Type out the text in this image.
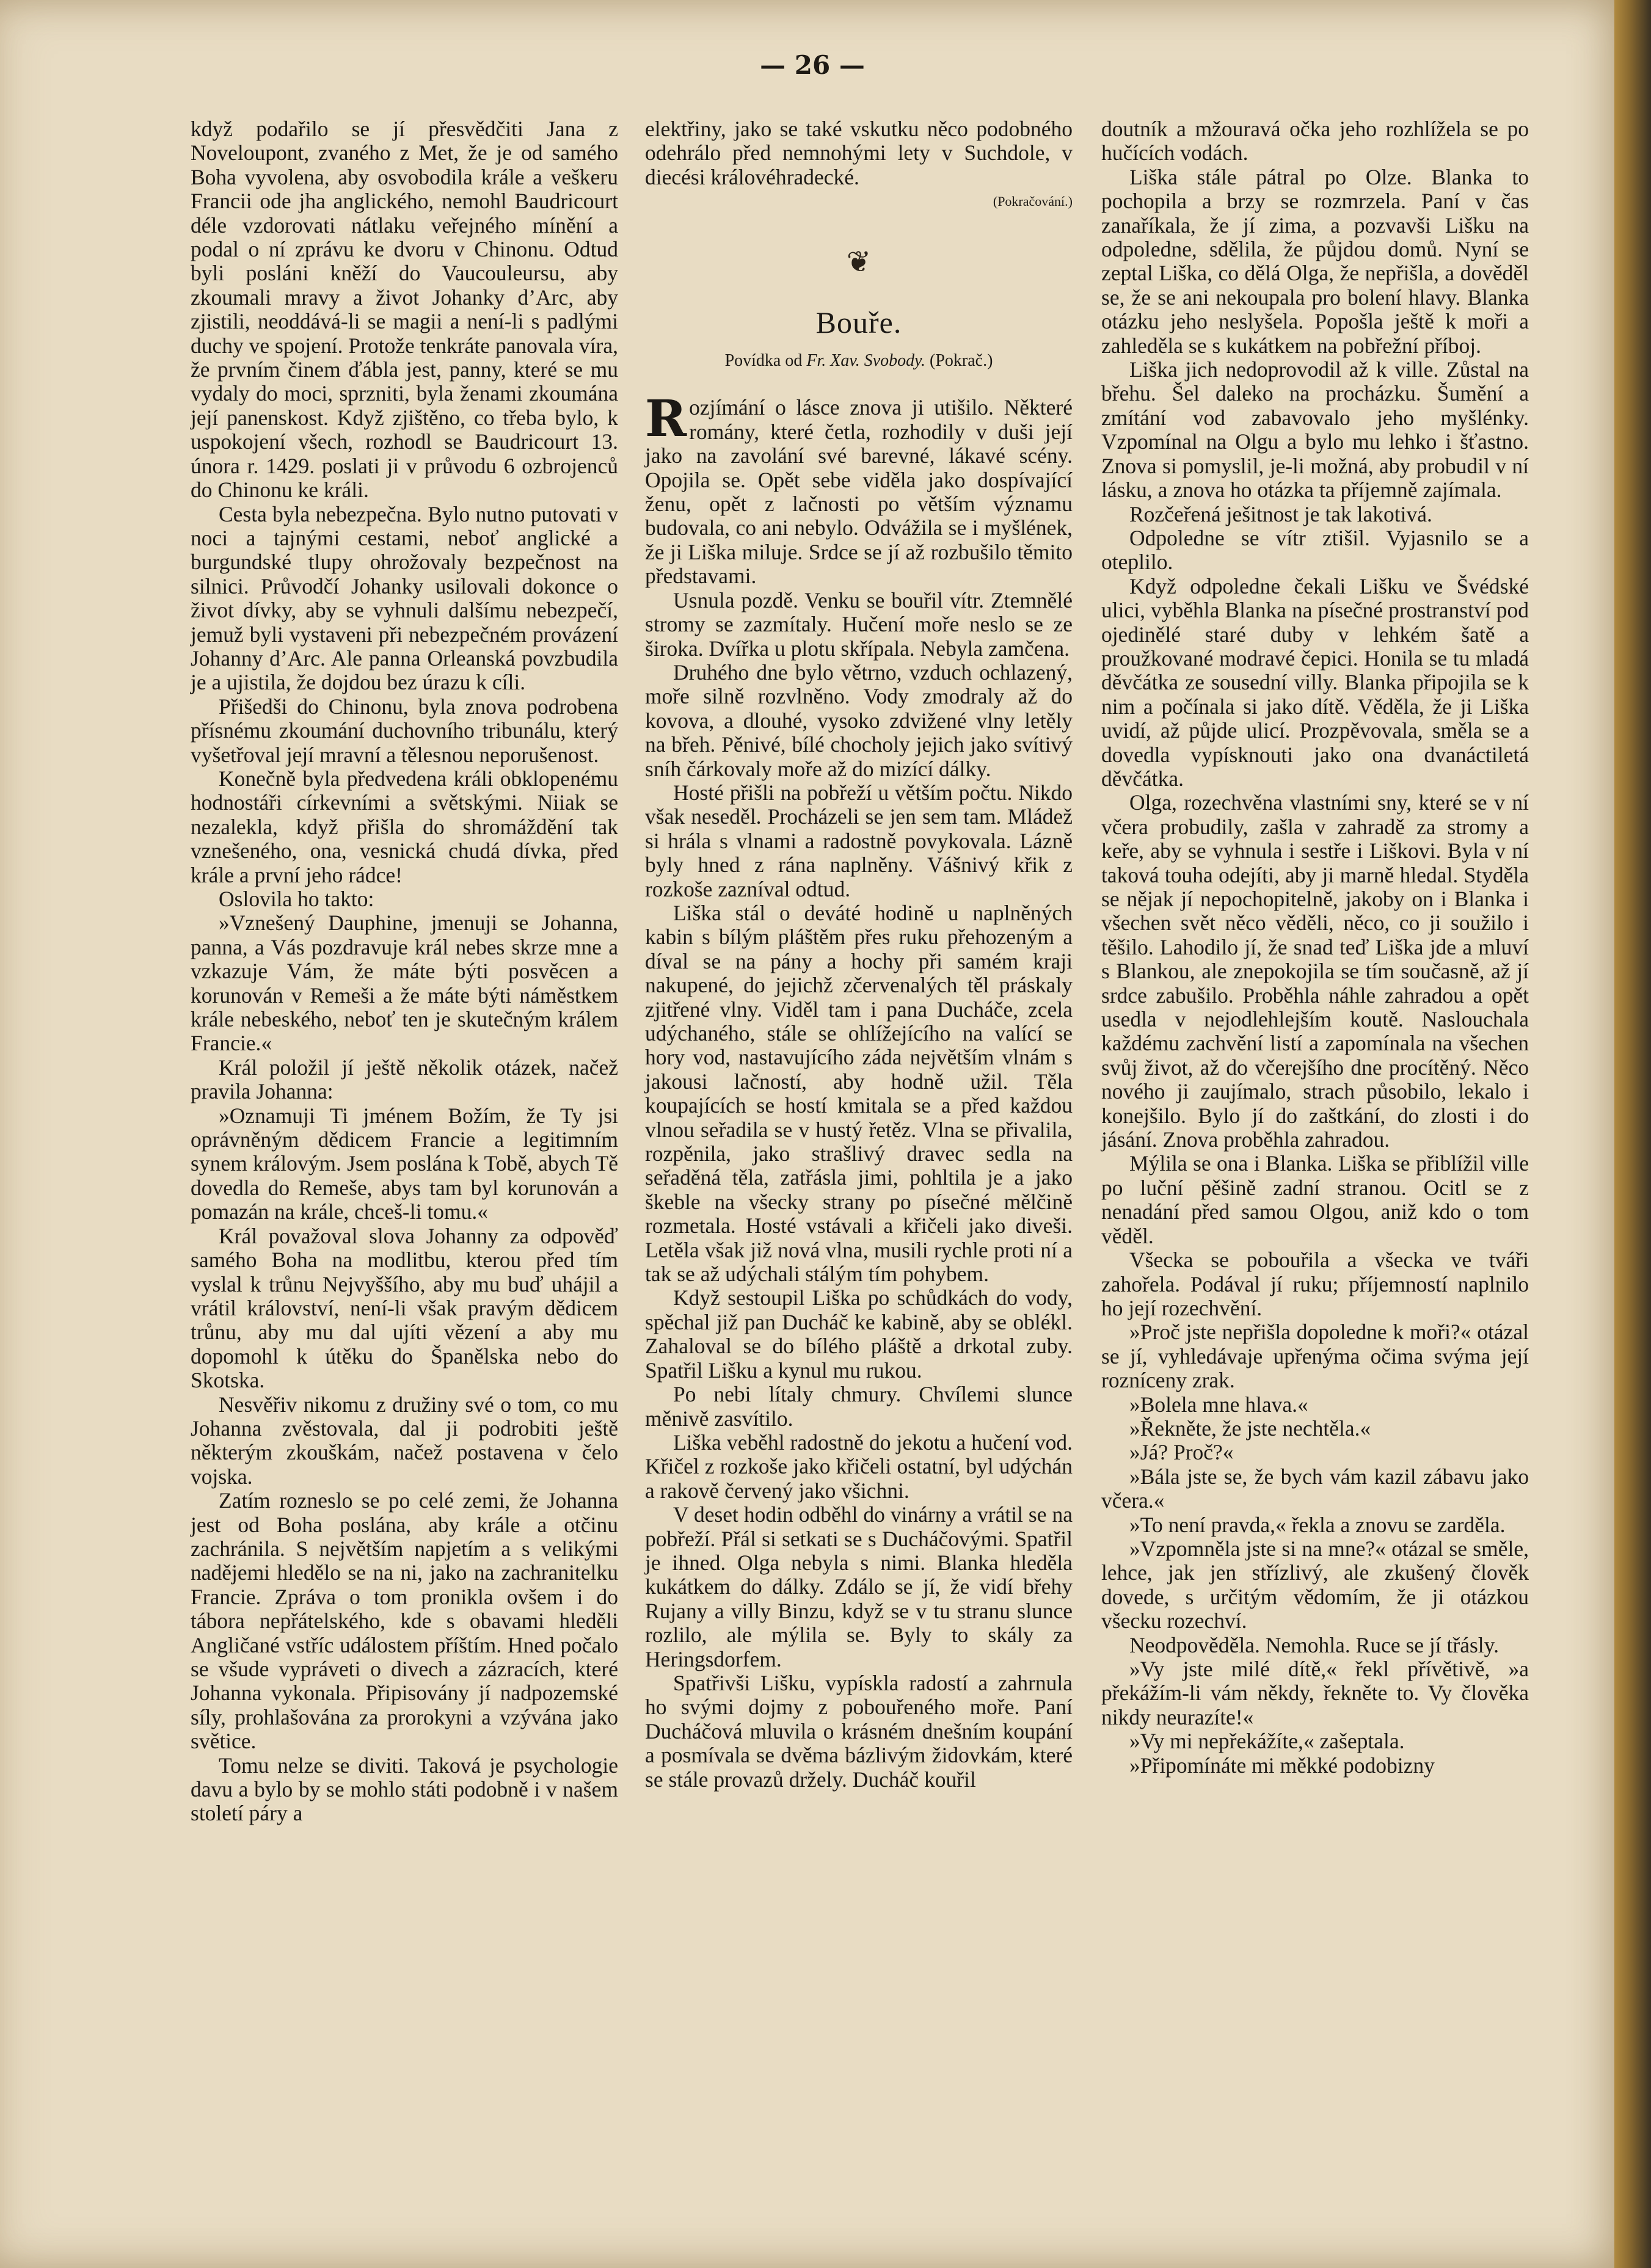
— 26 —

když podařilo se jí přesvědčiti Jana z Noveloupont, zvaného z Met, že je od samého Boha vyvolena, aby osvobodila krále a veškeru Francii ode jha anglického, nemohl Baudricourt déle vzdorovati nátlaku veřejného mínění a podal o ní zprávu ke dvoru v Chinonu. Odtud byli posláni kněží do Vaucouleursu, aby zkoumali mravy a život Johanky d’Arc, aby zjistili, neoddává-li se magii a není-li s padlými duchy ve spojení. Protože tenkráte panovala víra, že prvním činem ďábla jest, panny, které se mu vydaly do moci, sprzniti, byla ženami zkoumána její panenskost. Když zjištěno, co třeba bylo, k uspokojení všech, rozhodl se Baudricourt 13. února r. 1429. poslati ji v průvodu 6 ozbrojenců do Chinonu ke králi.

Cesta byla nebezpečna. Bylo nutno putovati v noci a tajnými cestami, neboť anglické a burgundské tlupy ohrožovaly bezpečnost na silnici. Průvodčí Johanky usilovali dokonce o život dívky, aby se vyhnuli dalšímu nebezpečí, jemuž byli vystaveni při nebezpečném provázení Johanny d’Arc. Ale panna Orleanská povzbudila je a ujistila, že dojdou bez úrazu k cíli.

Přišedši do Chinonu, byla znova podrobena přísnému zkoumání duchovního tribunálu, který vyšetřoval její mravní a tělesnou neporušenost.

Konečně byla předvedena králi obklopenému hodnostáři církevními a světskými. Niiak se nezalekla, když přišla do shromáždění tak vznešeného, ona, vesnická chudá dívka, před krále a první jeho rádce!

Oslovila ho takto:

»Vznešený Dauphine, jmenuji se Johanna, panna, a Vás pozdravuje král nebes skrze mne a vzkazuje Vám, že máte býti posvěcen a korunován v Remeši a že máte býti náměstkem krále nebeského, neboť ten je skutečným králem Francie.«

Král položil jí ještě několik otázek, načež pravila Johanna:

»Oznamuji Ti jménem Božím, že Ty jsi oprávněným dědicem Francie a legitimním synem královým. Jsem poslána k Tobě, abych Tě dovedla do Remeše, abys tam byl korunován a pomazán na krále, chceš-li tomu.«

Král považoval slova Johanny za odpověď samého Boha na modlitbu, kterou před tím vyslal k trůnu Nejvyššího, aby mu buď uhájil a vrátil království, není-li však pravým dědicem trůnu, aby mu dal ujíti vězení a aby mu dopomohl k útěku do Španělska nebo do Skotska.

Nesvěřiv nikomu z družiny své o tom, co mu Johanna zvěstovala, dal ji podrobiti ještě některým zkouškám, načež postavena v čelo vojska.

Zatím rozneslo se po celé zemi, že Johanna jest od Boha poslána, aby krále a otčinu zachránila. S největším napjetím a s velikými nadějemi hledělo se na ni, jako na zachranitelku Francie. Zpráva o tom pronikla ovšem i do tábora nepřátelského, kde s obavami hleděli Angličané vstříc událostem příštím. Hned počalo se všude vypráveti o divech a zázracích, které Johanna vykonala. Připisovány jí nadpozemské síly, prohlašována za prorokyni a vzývána jako světice.

Tomu nelze se diviti. Taková je psychologie davu a bylo by se mohlo státi podobně i v našem století páry a

elektřiny, jako se také vskutku něco podobného odehrálo před nemnohými lety v Suchdole, v diecési královéhradecké.

(Pokračování.)

❦
Bouře.
Povídka od Fr. Xav. Svobody. (Pokrač.)

Rozjímání o lásce znova ji utišilo. Některé romány, které četla, rozhodily v duši její jako na zavolání své barevné, lákavé scény. Opojila se. Opět sebe viděla jako dospívající ženu, opět z lačnosti po větším významu budovala, co ani nebylo. Odvážila se i myšlének, že ji Liška miluje. Srdce se jí až rozbušilo těmito představami.

Usnula pozdě. Venku se bouřil vítr. Ztemnělé stromy se zazmítaly. Hučení moře neslo se ze široka. Dvířka u plotu skřípala. Nebyla zamčena.

Druhého dne bylo větrno, vzduch ochlazený, moře silně rozvlněno. Vody zmodraly až do kovova, a dlouhé, vysoko zdvižené vlny letěly na břeh. Pěnivé, bílé chocholy jejich jako svítivý sníh čárkovaly moře až do mizící dálky.

Hosté přišli na pobřeží u větším počtu. Nikdo však neseděl. Procházeli se jen sem tam. Mládež si hrála s vlnami a radostně povykovala. Lázně byly hned z rána naplněny. Vášnivý křik z rozkoše zazníval odtud.

Liška stál o deváté hodině u naplněných kabin s bílým pláštěm přes ruku přehozeným a díval se na pány a hochy při samém kraji nakupené, do jejichž zčervenalých těl práskaly zjitřené vlny. Viděl tam i pana Ducháče, zcela udýchaného, stále se ohlížejícího na valící se hory vod, nastavujícího záda největším vlnám s jakousi lačností, aby hodně užil. Těla koupajících se hostí kmitala se a před každou vlnou seřadila se v hustý řetěz. Vlna se přivalila, rozpěnila, jako strašlivý dravec sedla na seřaděná těla, zatřásla jimi, pohltila je a jako škeble na všecky strany po písečné mělčině rozmetala. Hosté vstávali a křičeli jako diveši. Letěla však již nová vlna, musili rychle proti ní a tak se až udýchali stálým tím pohybem.

Když sestoupil Liška po schůdkách do vody, spěchal již pan Ducháč ke kabině, aby se oblékl. Zahaloval se do bílého pláště a drkotal zuby. Spatřil Lišku a kynul mu rukou.

Po nebi lítaly chmury. Chvílemi slunce měnivě zasvítilo.

Liška veběhl radostně do jekotu a hučení vod. Křičel z rozkoše jako křičeli ostatní, byl udýchán a rakově červený jako všichni.

V deset hodin odběhl do vinárny a vrátil se na pobřeží. Přál si setkati se s Ducháčovými. Spatřil je ihned. Olga nebyla s nimi. Blanka hleděla kukátkem do dálky. Zdálo se jí, že vidí břehy Rujany a villy Binzu, když se v tu stranu slunce rozlilo, ale mýlila se. Byly to skály za Heringsdorfem.

Spatřivši Lišku, vypískla radostí a zahrnula ho svými dojmy z pobouřeného moře. Paní Ducháčová mluvila o krásném dnešním koupání a posmívala se dvěma bázlivým židovkám, které se stále provazů držely. Ducháč kouřil

doutník a mžouravá očka jeho rozhlížela se po hučících vodách.

Liška stále pátral po Olze. Blanka to pochopila a brzy se rozmrzela. Paní v čas zanaříkala, že jí zima, a pozvavši Lišku na odpoledne, sdělila, že půjdou domů. Nyní se zeptal Liška, co dělá Olga, že nepřišla, a dověděl se, že se ani nekoupala pro bolení hlavy. Blanka otázku jeho neslyšela. Popošla ještě k moři a zahleděla se s kukátkem na pobřežní příboj.

Liška jich nedoprovodil až k ville. Zůstal na břehu. Šel daleko na procházku. Šumění a zmítání vod zabavovalo jeho myšlénky. Vzpomínal na Olgu a bylo mu lehko i šťastno. Znova si pomyslil, je-li možná, aby probudil v ní lásku, a znova ho otázka ta příjemně zajímala.

Rozčeřená ješitnost je tak lakotivá.

Odpoledne se vítr ztišil. Vyjasnilo se a oteplilo.

Když odpoledne čekali Lišku ve Švédské ulici, vyběhla Blanka na písečné prostranství pod ojedinělé staré duby v lehkém šatě a proužkované modravé čepici. Honila se tu mladá děvčátka ze sousední villy. Blanka připojila se k nim a počínala si jako dítě. Věděla, že ji Liška uvidí, až půjde ulicí. Prozpěvovala, směla se a dovedla vypísknouti jako ona dvanáctiletá děvčátka.

Olga, rozechvěna vlastními sny, které se v ní včera probudily, zašla v zahradě za stromy a keře, aby se vyhnula i sestře i Liškovi. Byla v ní taková touha odejíti, aby ji marně hledal. Styděla se nějak jí nepochopitelně, jakoby on i Blanka i všechen svět něco věděli, něco, co ji soužilo i těšilo. Lahodilo jí, že snad teď Liška jde a mluví s Blankou, ale znepokojila se tím současně, až jí srdce zabušilo. Proběhla náhle zahradou a opět usedla v nejodlehlejším koutě. Naslouchala každému zachvění listí a zapomínala na všechen svůj život, až do včerejšího dne procítěný. Něco nového ji zaujímalo, strach působilo, lekalo i konejšilo. Bylo jí do zaštkání, do zlosti i do jásání. Znova proběhla zahradou.

Mýlila se ona i Blanka. Liška se přiblížil ville po luční pěšině zadní stranou. Ocitl se z nenadání před samou Olgou, aniž kdo o tom věděl.

Všecka se pobouřila a všecka ve tváři zahořela. Podával jí ruku; příjemností naplnilo ho její rozechvění.

»Proč jste nepřišla dopoledne k moři?« otázal se jí, vyhledávaje upřenýma očima svýma její rozníceny zrak.

»Bolela mne hlava.«

»Řekněte, že jste nechtěla.«

»Já? Proč?«

»Bála jste se, že bych vám kazil zábavu jako včera.«

»To není pravda,« řekla a znovu se zarděla.

»Vzpomněla jste si na mne?« otázal se směle, lehce, jak jen střízlivý, ale zkušený člověk dovede, s určitým vědomím, že ji otázkou všecku rozechví.

Neodpověděla. Nemohla. Ruce se jí třásly.

»Vy jste milé dítě,« řekl přívětivě, »a překážím-li vám někdy, řekněte to. Vy člověka nikdy neurazíte!«

»Vy mi nepřekážíte,« zašeptala.

»Připomínáte mi měkké podobizny
